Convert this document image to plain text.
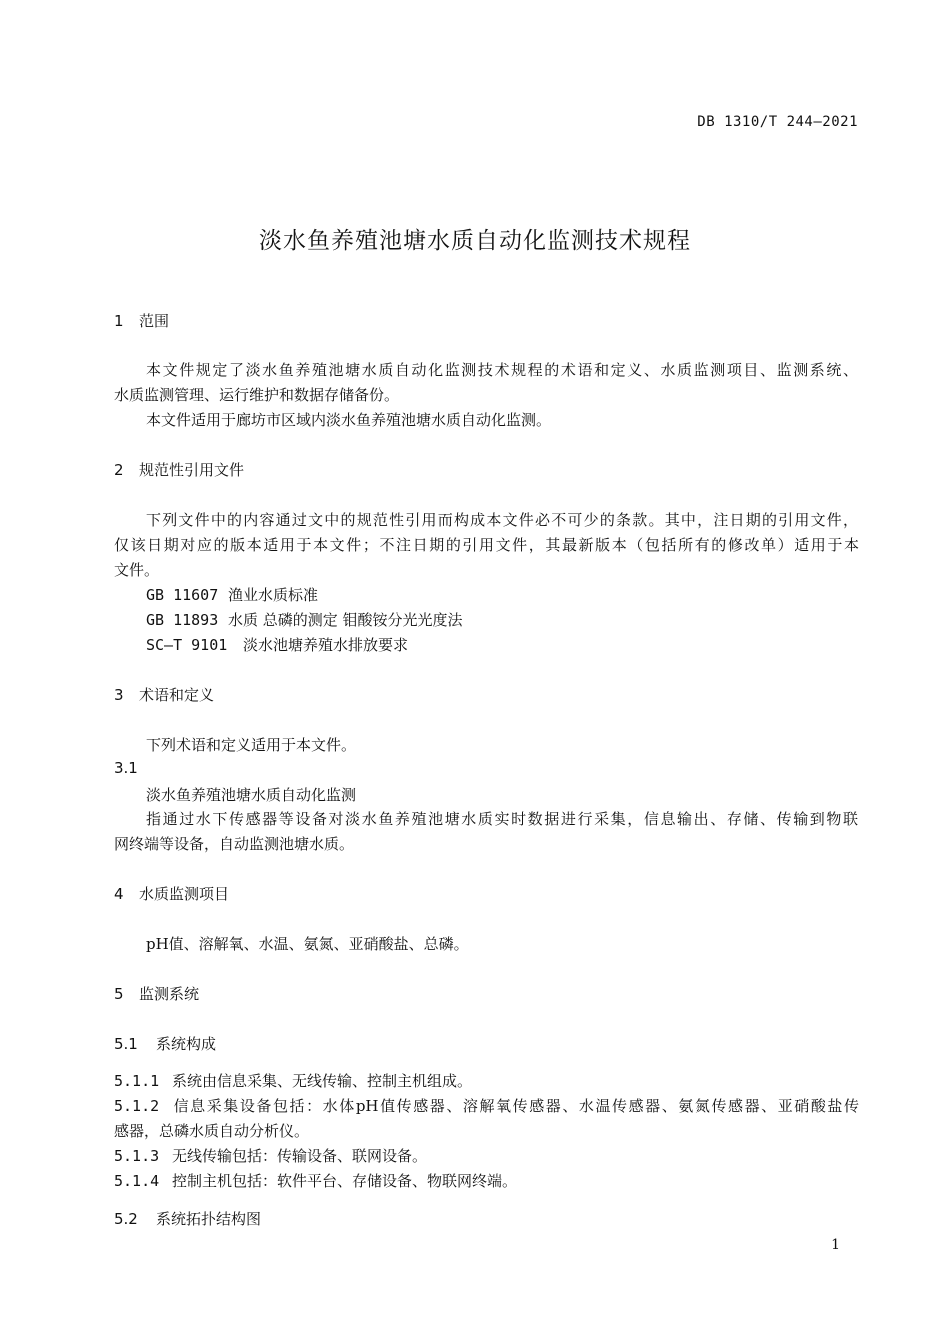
DB 1310/T 244—2021
淡水鱼养殖池塘水质自动化监测技术规程
1 范围
本文件规定了淡水鱼养殖池塘水质自动化监测技术规程的术语和定义、水质监测项目、监测系统、
水质监测管理、运行维护和数据存储备份。
本文件适用于廊坊市区域内淡水鱼养殖池塘水质自动化监测。
2 规范性引用文件
下列文件中的内容通过文中的规范性引用而构成本文件必不可少的条款。其中，注日期的引用文件，
仅该日期对应的版本适用于本文件；不注日期的引用文件，其最新版本（包括所有的修改单）适用于本
文件。
GB 11607 渔业水质标准
GB 11893 水质 总磷的测定 钼酸铵分光光度法
SC—T 9101 淡水池塘养殖水排放要求
3 术语和定义
下列术语和定义适用于本文件。
3.1
淡水鱼养殖池塘水质自动化监测
指通过水下传感器等设备对淡水鱼养殖池塘水质实时数据进行采集，信息输出、存储、传输到物联
网终端等设备，自动监测池塘水质。
4 水质监测项目
pH值、溶解氧、水温、氨氮、亚硝酸盐、总磷。
5 监测系统
5.1 系统构成
5.1.1 系统由信息采集、无线传输、控制主机组成。
5.1.2 信息采集设备包括：水体pH值传感器、溶解氧传感器、水温传感器、氨氮传感器、亚硝酸盐传
感器，总磷水质自动分析仪。
5.1.3 无线传输包括：传输设备、联网设备。
5.1.4 控制主机包括：软件平台、存储设备、物联网终端。
5.2 系统拓扑结构图
1
